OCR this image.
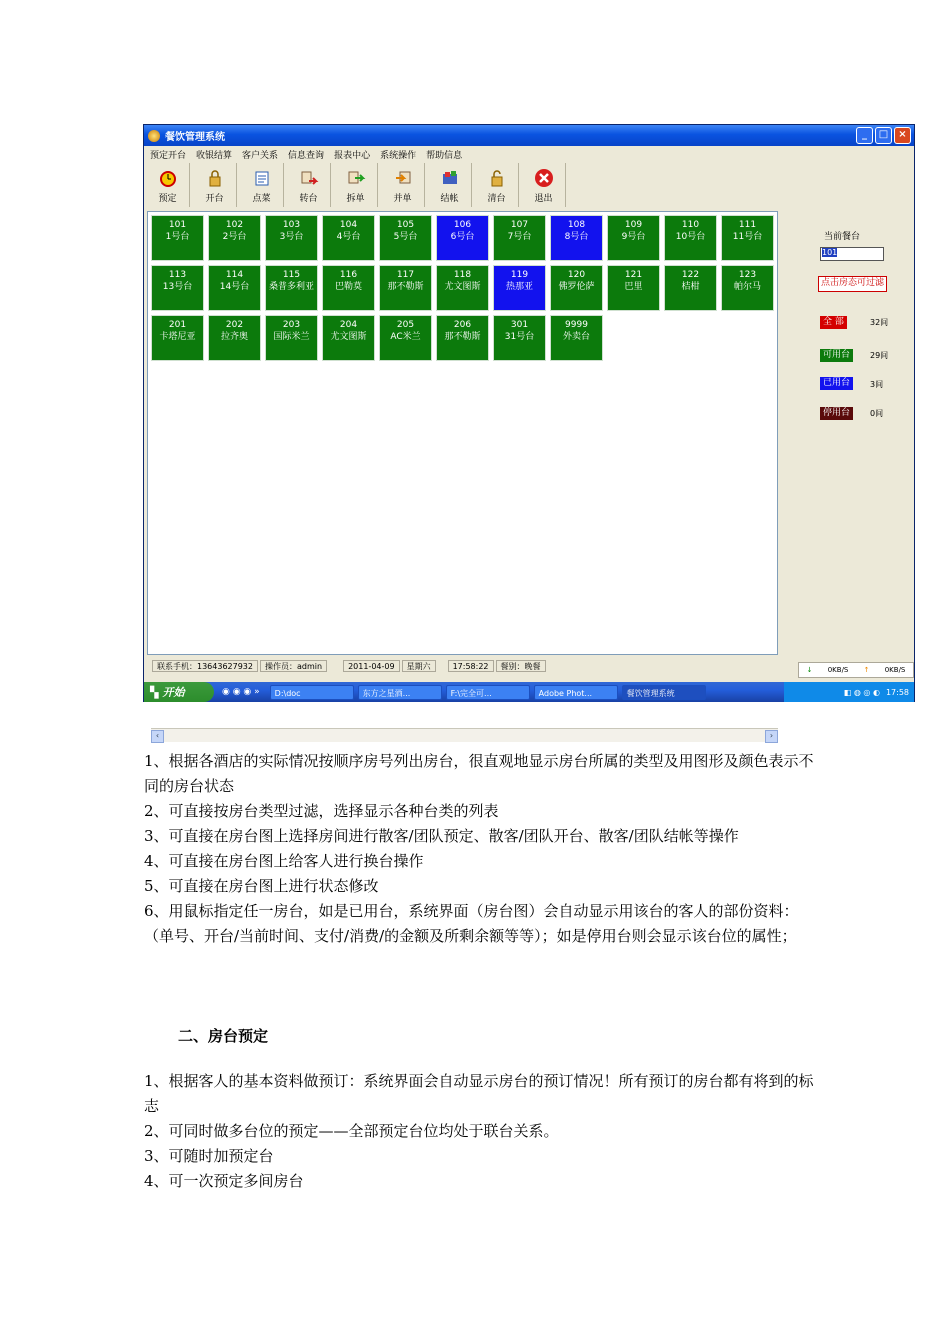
餐饮管理系统	_	□	×
预定开台 收银结算 客户关系 信息查询 报表中心 系统操作 帮助信息
预定	开台	点菜	转台	拆单	并单	结帐	清台	退出
101
1号台
102
2号台
103
3号台
104
4号台
105
5号台
106
6号台
107
7号台
108
8号台
109
9号台
110
10号台
111
11号台
113
13号台
114
14号台
115
桑普多利亚
116
巴勒莫
117
那不勒斯
118
尤文图斯
119
热那亚
120
佛罗伦萨
121
巴里
122
桔柑
123
帕尔马
201
卡塔尼亚
202
拉齐奥
203
国际米兰
204
尤文图斯
205
AC米兰
206
那不勒斯
301
31号台
9999
外卖台
‹	›
当前餐台
101
点击房态可过滤
全 部	32间
可用台	29间
已用台	3间
停用台	0间
联系手机：13643627932	操作员：admin	2011-04-09	星期六	17:58:22	餐别：晚餐	↓ 0KB/S ↑ 0KB/S
▚ 开始	◉ ◉ ◉ »	D:\doc	东方之星酒...	F:\完全可...	Adobe Phot...	餐饮管理系统	◧ ◍ ◎ ◐ 17:58
1、根据各酒店的实际情况按顺序房号列出房台，很直观地显示房台所属的类型及用图形及颜色表示不同的房台状态
2、可直接按房台类型过滤，选择显示各种台类的列表
3、可直接在房台图上选择房间进行散客/团队预定、散客/团队开台、散客/团队结帐等操作
4、可直接在房台图上给客人进行换台操作
5、可直接在房台图上进行状态修改
6、用鼠标指定任一房台，如是已用台，系统界面（房台图）会自动显示用该台的客人的部份资料：（单号、开台/当前时间、支付/消费/的金额及所剩余额等等）；如是停用台则会显示该台位的属性；
二、房台预定
1、根据客人的基本资料做预订：系统界面会自动显示房台的预订情况！所有预订的房台都有将到的标志
2、可同时做多台位的预定——全部预定台位均处于联台关系。
3、可随时加预定台
4、可一次预定多间房台
